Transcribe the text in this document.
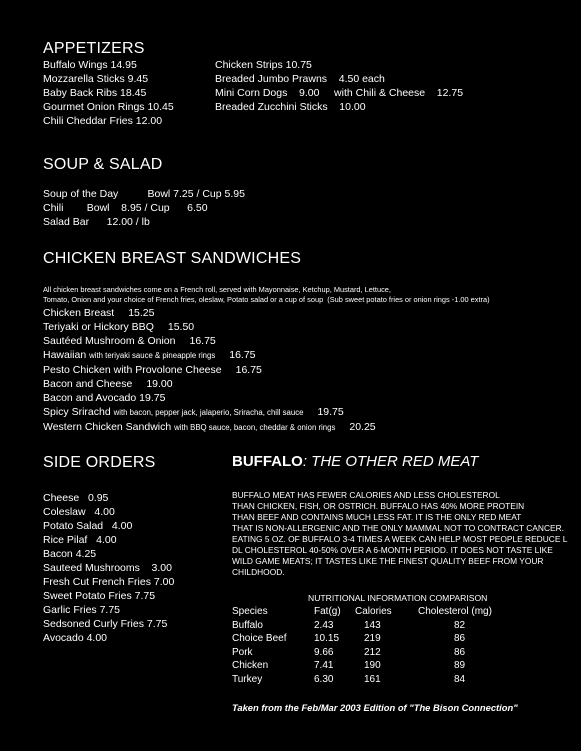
APPETIZERS
Buffalo Wings 14.95
Mozzarella Sticks 9.45
Baby Back Ribs 18.45
Gourmet Onion Rings 10.45
Chili Cheddar Fries 12.00
Chicken Strips 10.75
Breaded Jumbo Prawns    4.50 each
Mini Corn Dogs    9.00     with Chili & Cheese    12.75
Breaded Zucchini Sticks    10.00
SOUP & SALAD
Soup of the Day          Bowl 7.25 / Cup 5.95
Chili        Bowl    8.95 / Cup      6.50
Salad Bar      12.00 / lb
CHICKEN BREAST SANDWICHES
All chicken breast sandwiches come on a French roll, served with Mayonnaise, Ketchup, Mustard, Lettuce,
Tomato, Onion and your choice of French fries, oleslaw, Potato salad or a cup of soup  (Sub sweet potato fries or onion rings -1.00 extra)
Chicken Breast 15.25
Teriyaki or Hickory BBQ 15.50
Sautéed Mushroom & Onion 16.75
Hawaiian with teriyaki sauce & pineapple rings 16.75
Pesto Chicken with Provolone Cheese 16.75
Bacon and Cheese 19.00
Bacon and Avocado 19.75
Spicy Srirachd with bacon, pepper jack, jalaperio, Sriracha, chill sauce 19.75
Western Chicken Sandwich with BBQ sauce, bacon, cheddar & onion rings 20.25
SIDE ORDERS
Cheese   0.95
Coleslaw   4.00
Potato Salad   4.00
Rice Pilaf   4.00
Bacon 4.25
Sauteed Mushrooms    3.00
Fresh Cut French Fries 7.00
Sweet Potato Fries 7.75
Garlic Fries 7.75
Sedsoned Curly Fries 7.75
Avocado 4.00
BUFFALO: THE OTHER RED MEAT
BUFFALO MEAT HAS FEWER CALORIES AND LESS CHOLESTEROL
THAN CHICKEN, FISH, OR OSTRICH. BUFFALO HAS 40% MORE PROTEIN
THAN BEEF AND CONTAINS MUCH LESS FAT. IT IS THE ONLY RED MEAT
THAT IS NON-ALLERGENIC AND THE ONLY MAMMAL NOT TO CONTRACT CANCER.
EATING 5 OZ. OF BUFFALO 3-4 TIMES A WEEK CAN HELP MOST PEOPLE REDUCE L
DL CHOLESTEROL 40-50% OVER A 6-MONTH PERIOD. IT DOES NOT TASTE LIKE
WILD GAME MEATS; IT TASTES LIKE THE FINEST QUALITY BEEF FROM YOUR
CHILDHOOD.
NUTRITIONAL INFORMATION COMPARISON
Species	Fat(g)	Calories	Cholesterol (mg)
Buffalo	2.43	143	82
Choice Beef	10.15	219	86
Pork	9.66	212	86
Chicken	7.41	190	89
Turkey	6.30	161	84
Taken from the Feb/Mar 2003 Edition of "The Bison Connection"
